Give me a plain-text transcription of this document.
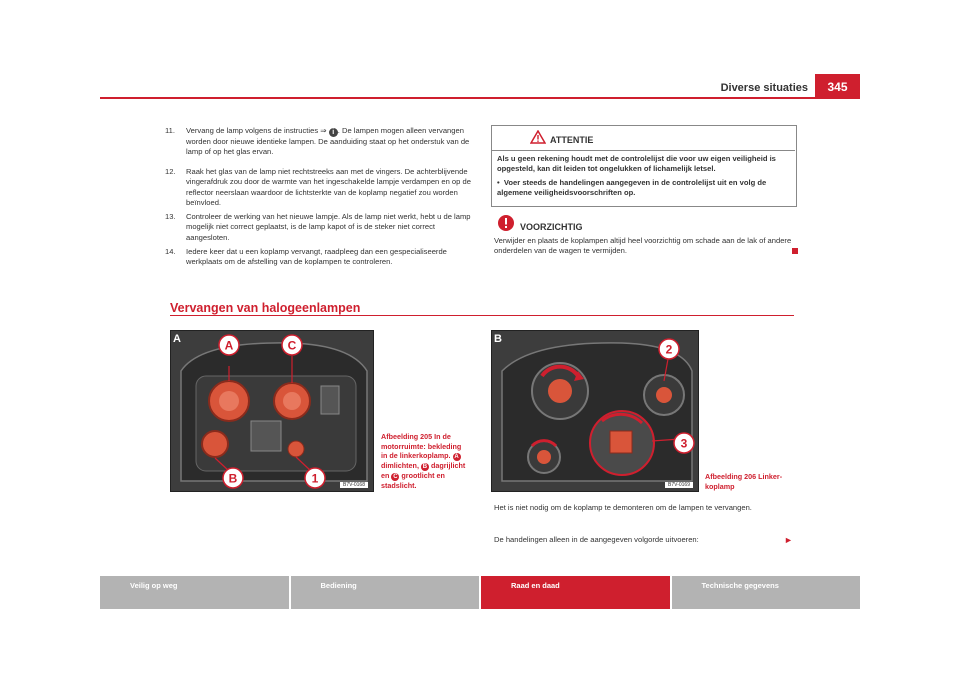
Diverse situaties	345
11. Vervang de lamp volgens de instructies ⇒ i . De lampen mogen alleen vervangen worden door nieuwe identieke lampen. De aanduiding staat op het onderstuk van de lamp of op het glas ervan.
12. Raak het glas van de lamp niet rechtstreeks aan met de vingers. De achterblijvende vingerafdruk zou door de warmte van het ingeschakelde lampje verdampen en op de reflector neerslaan waardoor de lichtsterkte van de koplamp negatief zou worden beïnvloed.
13. Controleer de werking van het nieuwe lampje. Als de lamp niet werkt, hebt u de lamp mogelijk niet correct geplaatst, is de lamp kapot of is de steker niet correct aangesloten.
14. Iedere keer dat u een koplamp vervangt, raadpleeg dan een gespecialiseerde werkplaats om de afstelling van de koplampen te controleren.
ATTENTIE
Als u geen rekening houdt met de controlelijst die voor uw eigen veiligheid is opgesteld, kan dit leiden tot ongelukken of lichamelijk letsel.
•  Voer steeds de handelingen aangegeven in de controlelijst uit en volg de algemene veiligheidsvoorschriften op.
VOORZICHTIG
Verwijder en plaats de koplampen altijd heel voorzichtig om schade aan de lak of andere onderdelen van de wagen te vermijden.
Vervangen van halogeenlampen
A	A	C
B	1	B7V-0168
Afbeelding 205 In de motorruimte: bekleding in de linkerkoplamp. A dimlichten, B dagrijlicht en C grootlicht en stadslicht.
B
2
3
B7V-0169
Afbeelding 206 Linker-koplamp
Het is niet nodig om de koplamp te demonteren om de lampen te vervangen.
De handelingen alleen in de aangegeven volgorde uitvoeren:	►
Veilig op weg	Bediening	Raad en daad	Technische gegevens
